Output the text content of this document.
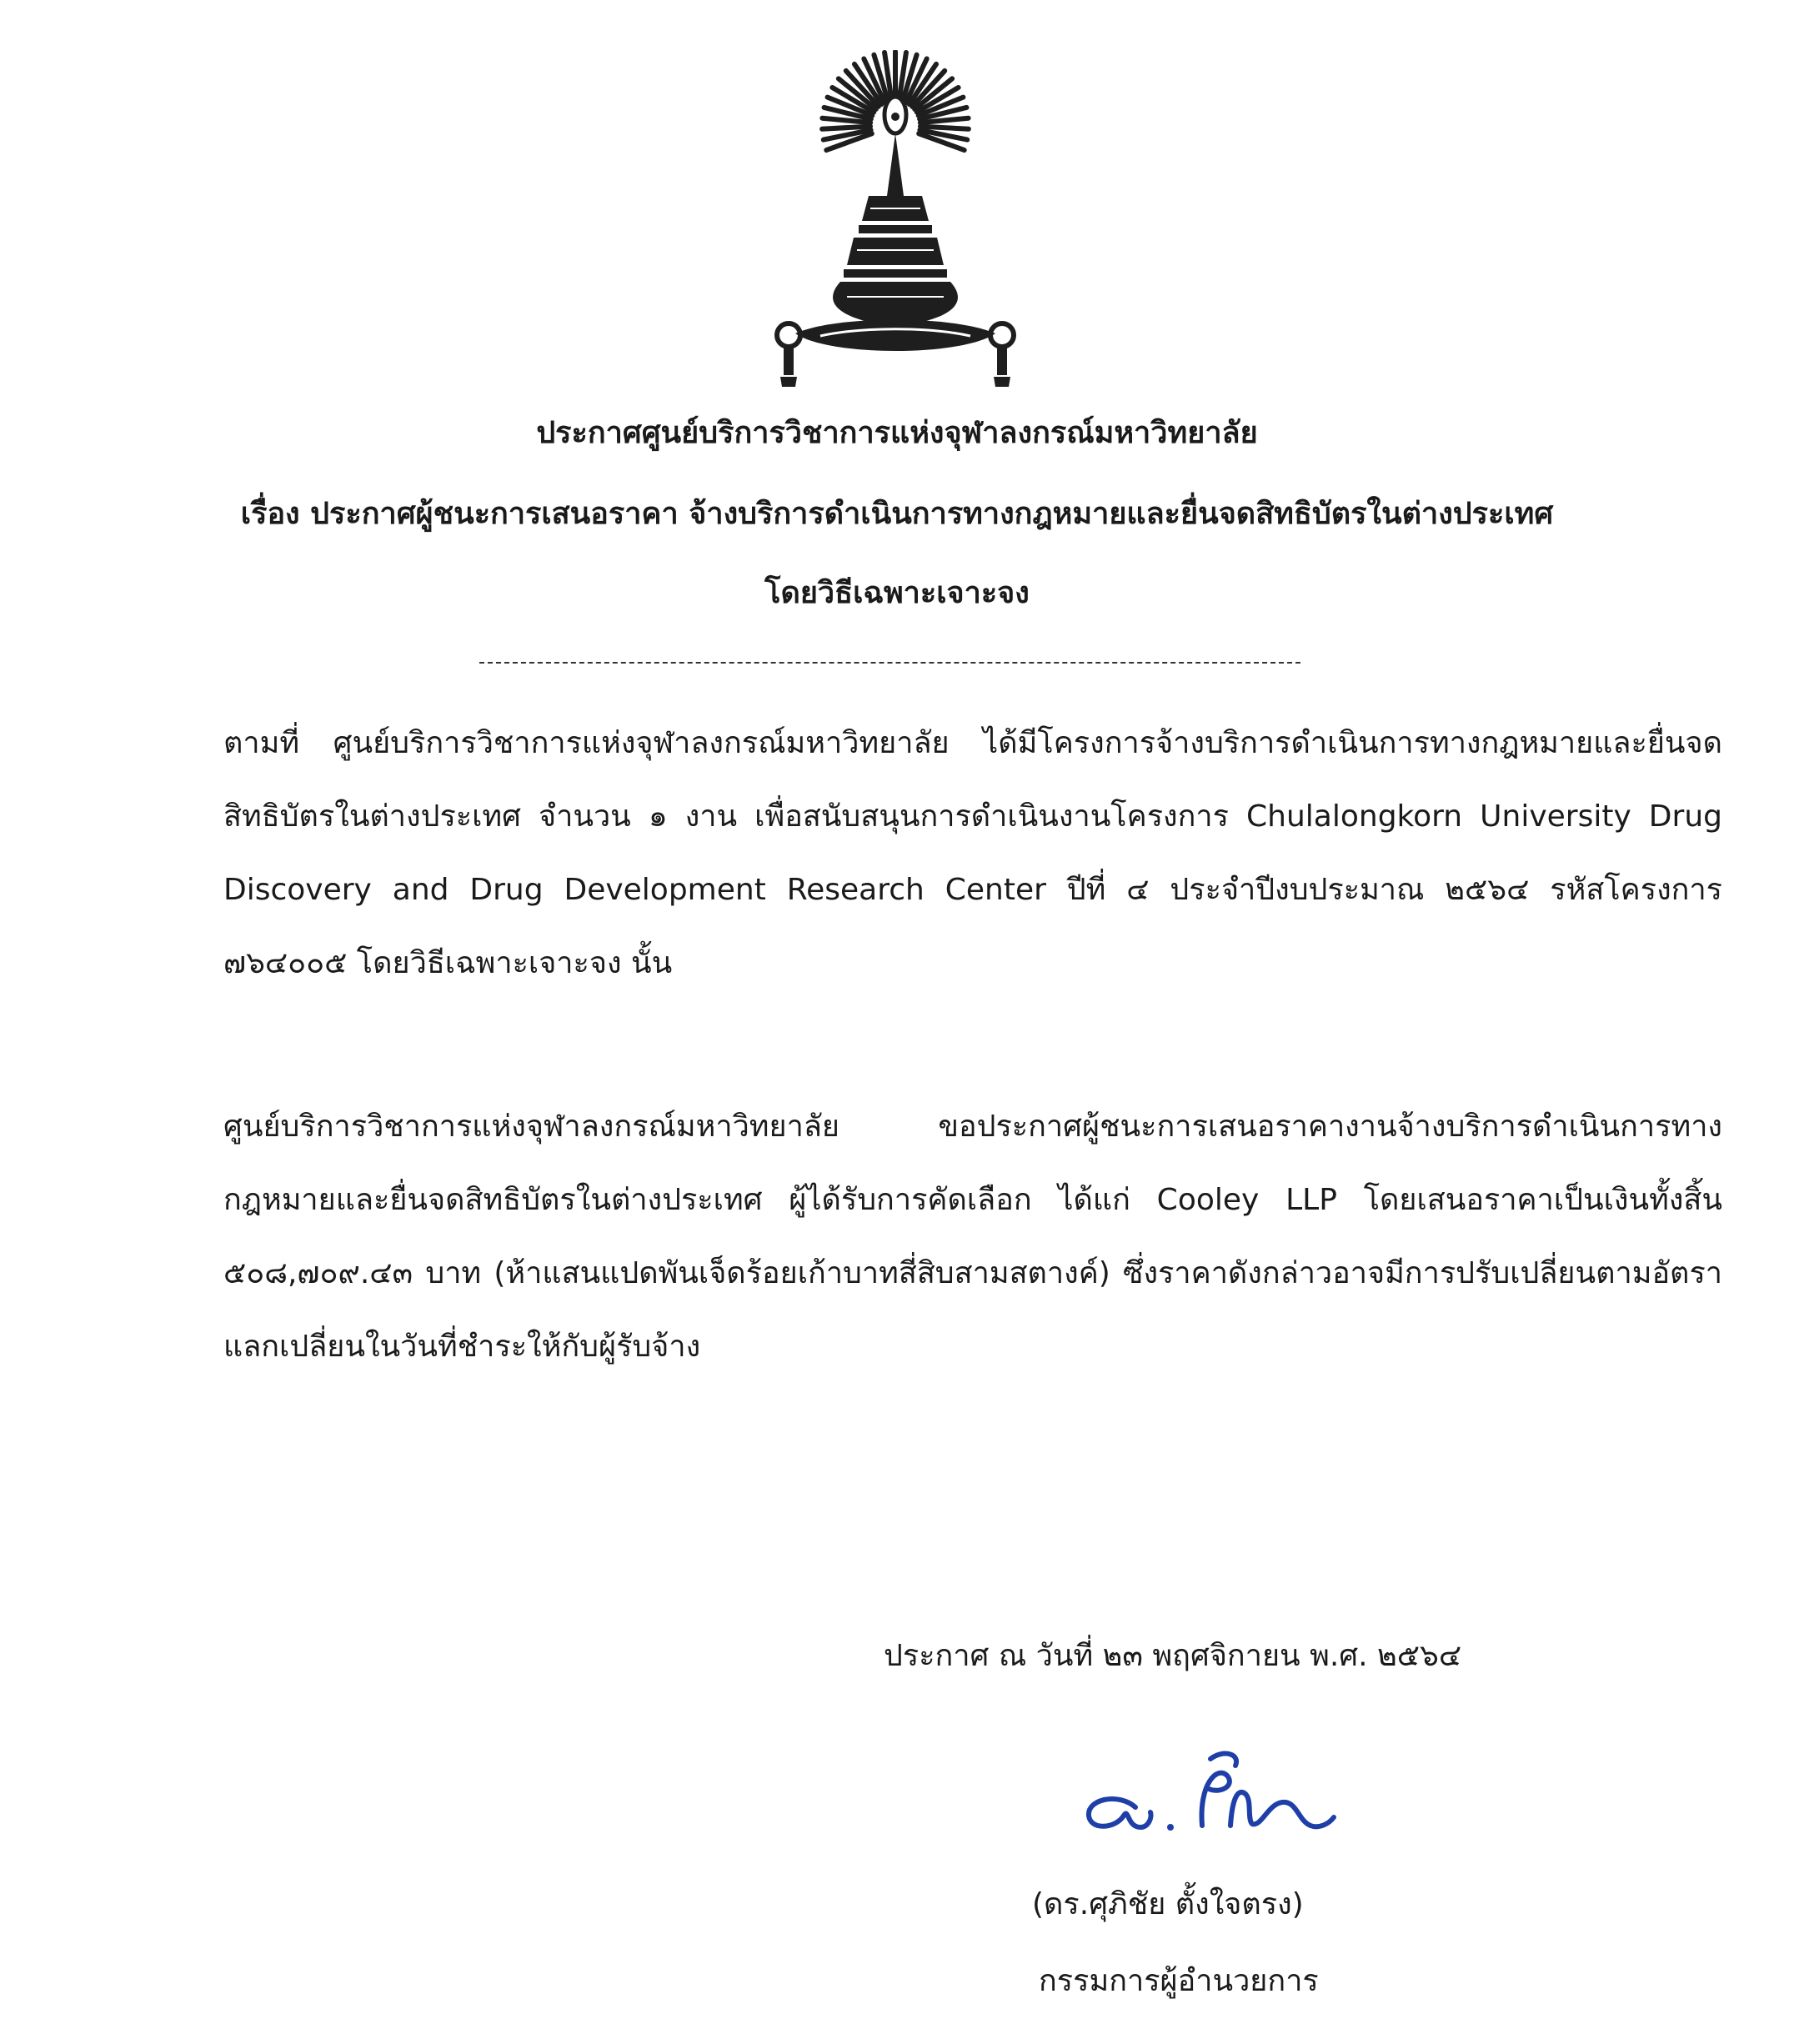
ประกาศศูนย์บริการวิชาการแห่งจุฬาลงกรณ์มหาวิทยาลัย
เรื่อง ประกาศผู้ชนะการเสนอราคา จ้างบริการดำเนินการทางกฎหมายและยื่นจดสิทธิบัตรในต่างประเทศ
โดยวิธีเฉพาะเจาะจง
ตามที่ ศูนย์บริการวิชาการแห่งจุฬาลงกรณ์มหาวิทยาลัย ได้มีโครงการจ้างบริการดำเนินการทางกฎหมายและยื่นจดสิทธิบัตรในต่างประเทศ จำนวน ๑ งาน เพื่อสนับสนุนการดำเนินงานโครงการ Chulalongkorn University Drug Discovery and Drug Development Research Center ปีที่ ๔ ประจำปีงบประมาณ ๒๕๖๔ รหัสโครงการ ๗๖๔๐๐๕ โดยวิธีเฉพาะเจาะจง นั้น
ศูนย์บริการวิชาการแห่งจุฬาลงกรณ์มหาวิทยาลัย ขอประกาศผู้ชนะการเสนอราคางานจ้างบริการดำเนินการทางกฎหมายและยื่นจดสิทธิบัตรในต่างประเทศ ผู้ได้รับการคัดเลือก ได้แก่ Cooley LLP โดยเสนอราคาเป็นเงินทั้งสิ้น ๕๐๘,๗๐๙.๔๓ บาท (ห้าแสนแปดพันเจ็ดร้อยเก้าบาทสี่สิบสามสตางค์) ซึ่งราคาดังกล่าวอาจมีการปรับเปลี่ยนตามอัตราแลกเปลี่ยนในวันที่ชำระให้กับผู้รับจ้าง
ประกาศ ณ วันที่ ๒๓ พฤศจิกายน พ.ศ. ๒๕๖๔
(ดร.ศุภิชัย ตั้งใจตรง)
กรรมการผู้อำนวยการ
